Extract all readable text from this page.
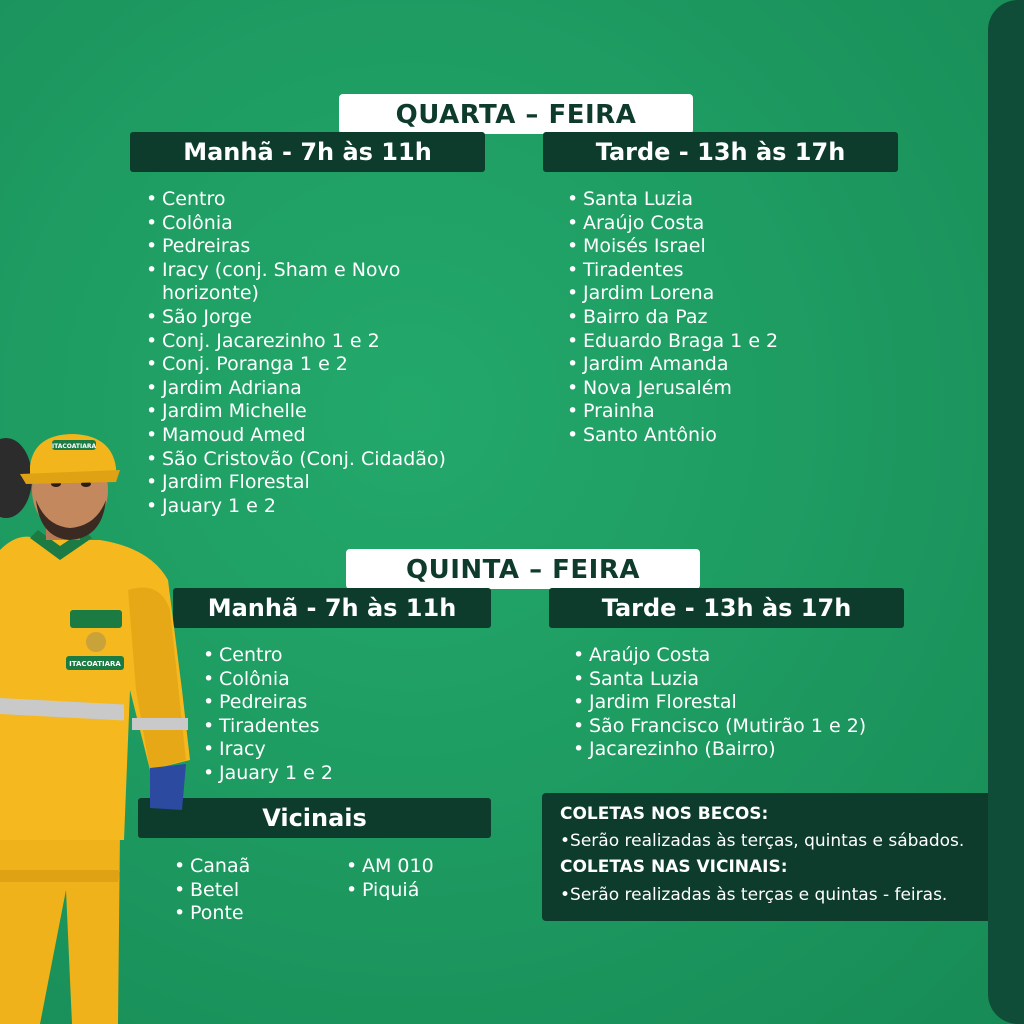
QUARTA – FEIRA
Manhã - 7h às 11h	Tarde - 13h às 17h
• Centro
• Colônia
• Pedreiras
• Iracy (conj. Sham e Novo
horizonte)
• São Jorge
• Conj. Jacarezinho 1 e 2
• Conj. Poranga 1 e 2
• Jardim Adriana
• Jardim Michelle
• Mamoud Amed
• São Cristovão (Conj. Cidadão)
• Jardim Florestal
• Jauary 1 e 2
• Santa Luzia
• Araújo Costa
• Moisés Israel
• Tiradentes
• Jardim Lorena
• Bairro da Paz
• Eduardo Braga 1 e 2
• Jardim Amanda
• Nova Jerusalém
• Prainha
• Santo Antônio
QUINTA – FEIRA
Manhã - 7h às 11h	Tarde - 13h às 17h
• Centro
• Colônia
• Pedreiras
• Tiradentes
• Iracy
• Jauary 1 e 2
• Araújo Costa
• Santa Luzia
• Jardim Florestal
• São Francisco (Mutirão 1 e 2)
• Jacarezinho (Bairro)
Vicinais
• Canaã
• Betel
• Ponte
• AM 010
• Piquiá
COLETAS NOS BECOS:
•Serão realizadas às terças, quintas e sábados.
COLETAS NAS VICINAIS:
•Serão realizadas às terças e quintas - feiras.
ITACOATIARA
ITACOATIARA
